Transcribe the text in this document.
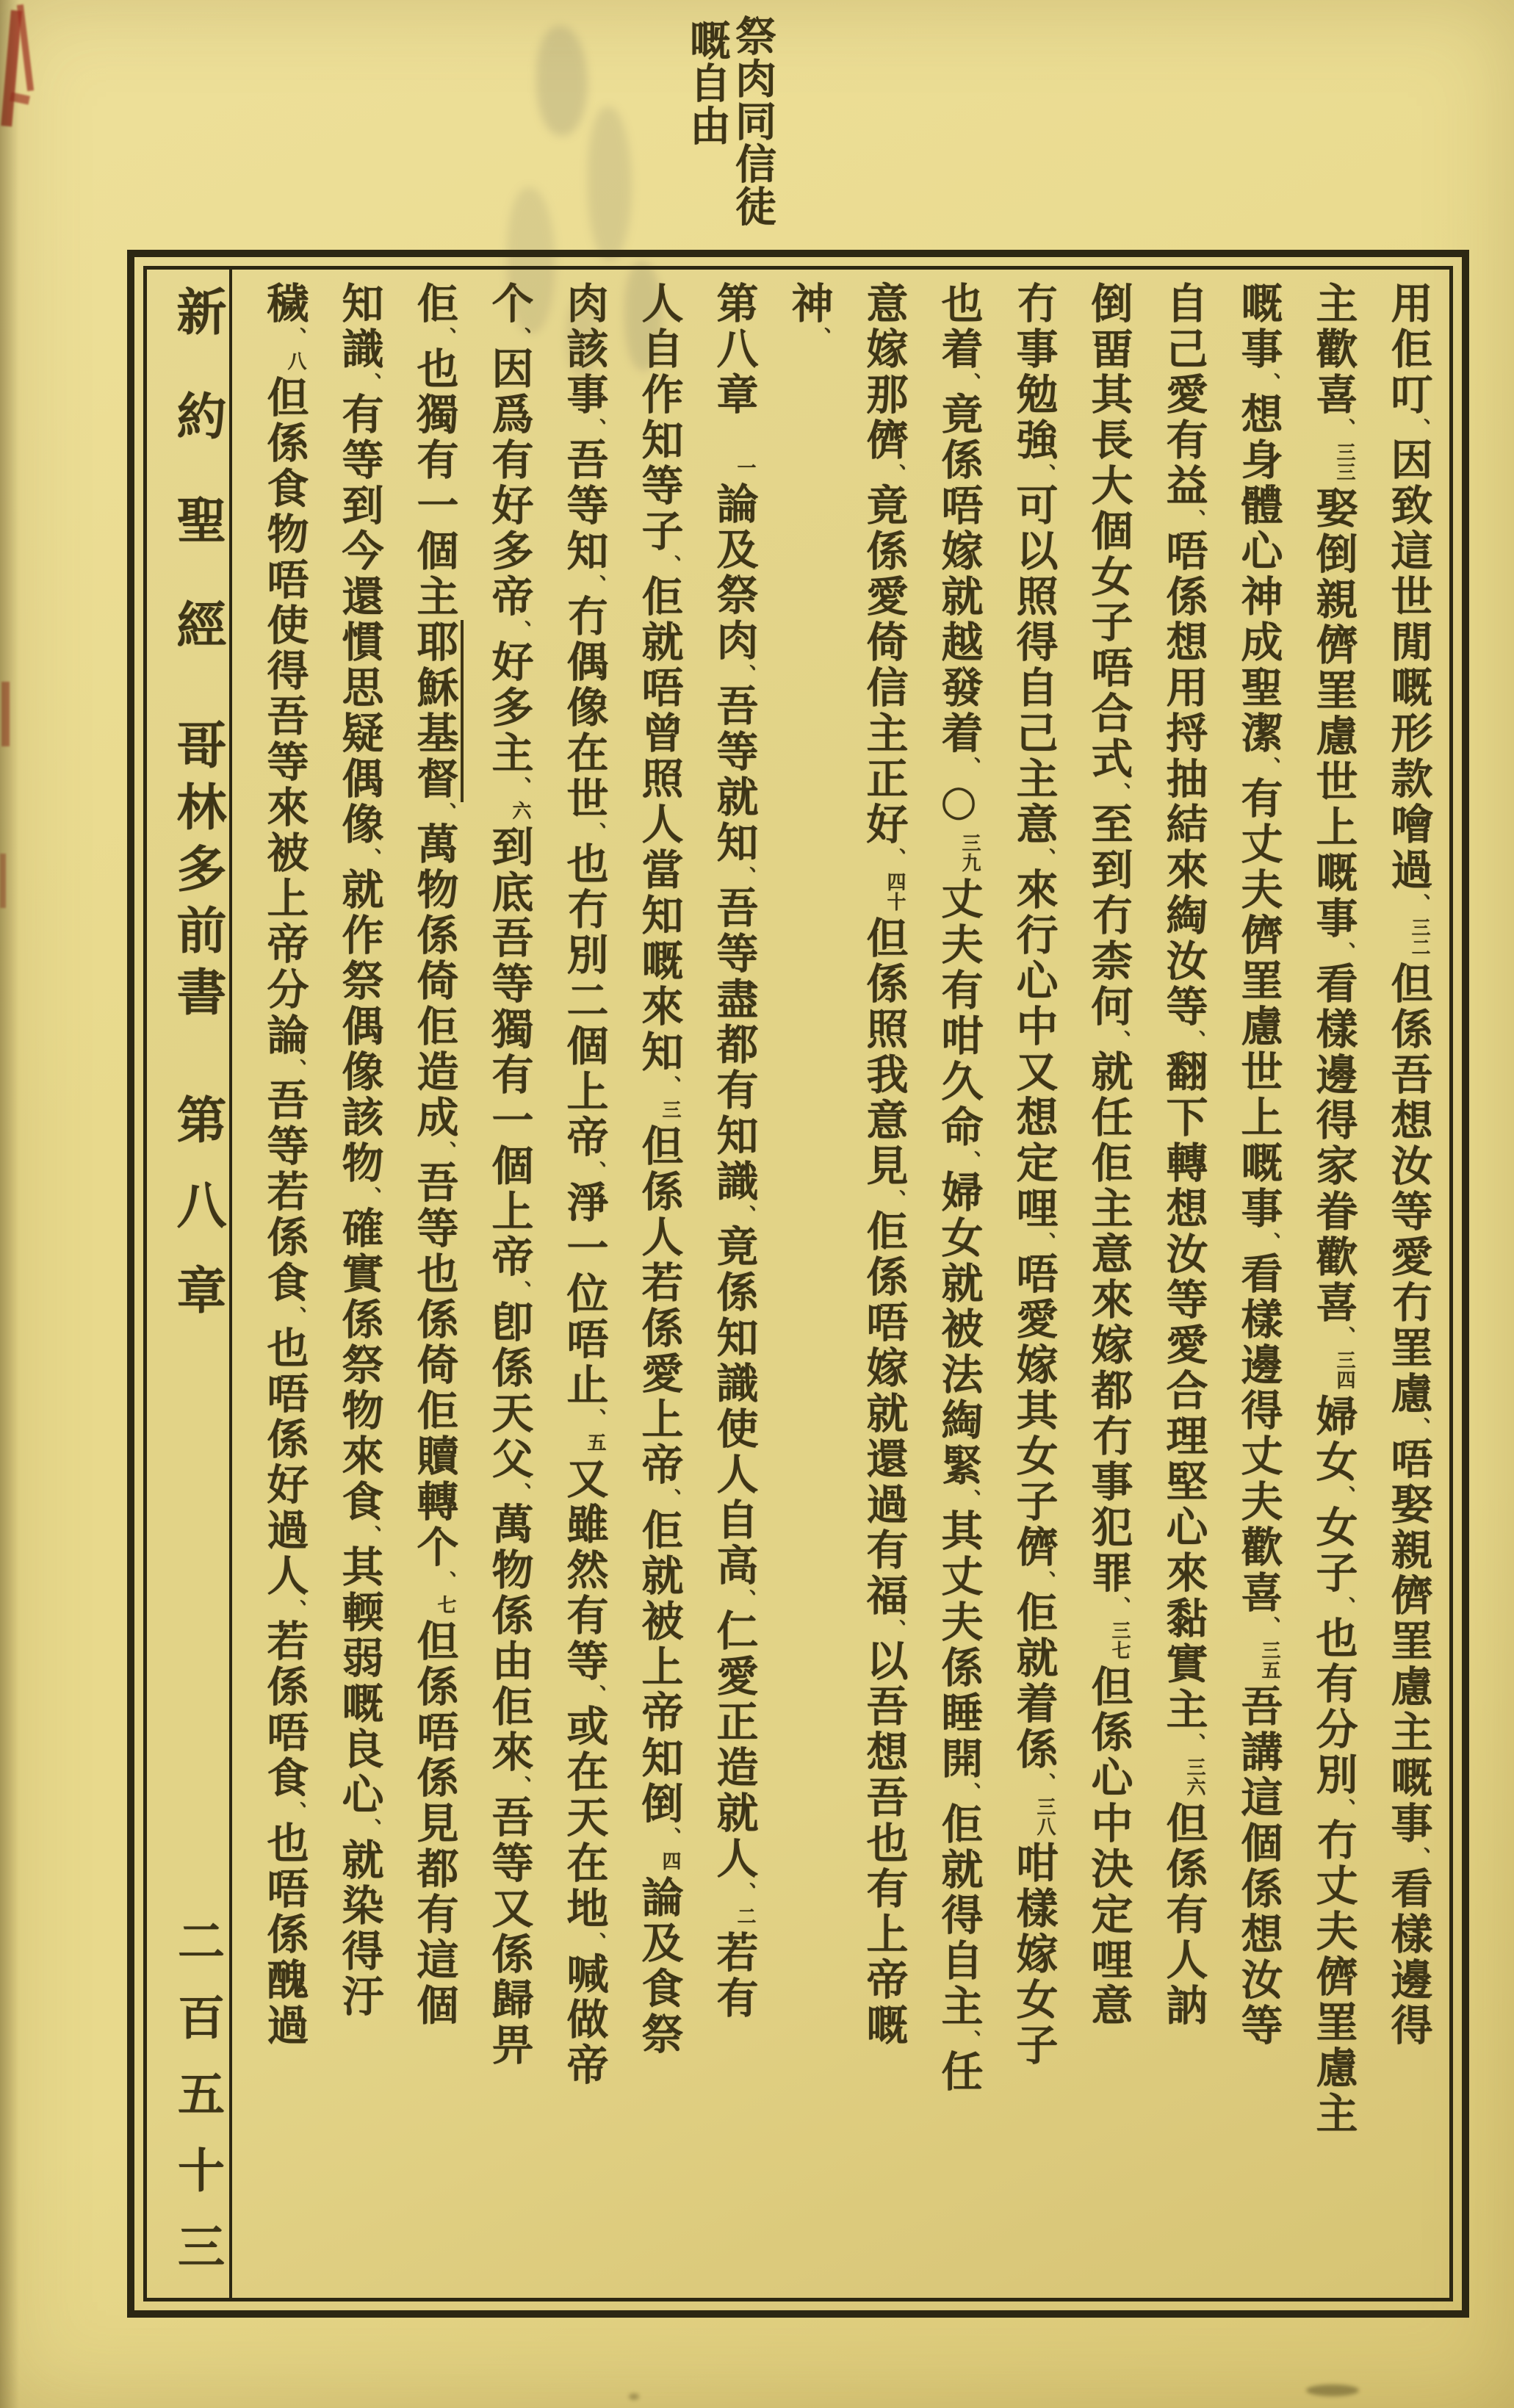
祭肉同信徒
嘅自由
用佢叮、因致這世閒嘅形款噲過、三二但係吾想汝等愛冇罣慮、唔娶親儕罣慮主嘅事、看樣邊得
主歡喜、三三娶倒親儕罣慮世上嘅事、看樣邊得家眷歡喜、三四婦女、女子、也有分別、冇丈夫儕罣慮主
嘅事、想身體心神成聖潔、有丈夫儕罣慮世上嘅事、看樣邊得丈夫歡喜、三五吾講這個係想汝等
自己愛有益、唔係想用捋抽結來綯汝等、翻下轉想汝等愛合理堅心來黏實主、三六但係有人訥
倒畱其長大個女子唔合式、至到冇柰何、就任佢主意來嫁都冇事犯罪、三七但係心中決定哩意
冇事勉強、可以照得自己主意、來行心中又想定哩、唔愛嫁其女子儕、佢就着係、三八咁樣嫁女子
也着、竟係唔嫁就越發着、○三九丈夫有咁久命、婦女就被法綯緊、其丈夫係睡開、佢就得自主、任
意嫁那儕、竟係愛倚信主正好、四十但係照我意見、佢係唔嫁就還過有福、以吾想吾也有上帝嘅
神、
第八章一論及祭肉、吾等就知、吾等盡都有知識、竟係知識使人自高、仁愛正造就人、二若有
人自作知等子、佢就唔曾照人當知嘅來知、三但係人若係愛上帝、佢就被上帝知倒、四論及食祭
肉該事、吾等知、冇偶像在世、也冇別二個上帝、淨一位唔止、五又雖然有等、或在天在地、喊做帝
个、因爲有好多帝、好多主、六到底吾等獨有一個上帝、卽係天父、萬物係由佢來、吾等又係歸畀
佢、也獨有一個主耶穌基督、萬物係倚佢造成、吾等也係倚佢贖轉个、七但係唔係見都有這個
知識、有等到今還慣思疑偶像、就作祭偶像該物、確實係祭物來食、其輭弱嘅良心、就染得汙
穢、八但係食物唔使得吾等來被上帝分論、吾等若係食、也唔係好過人、若係唔食、也唔係醜過
新約聖經
哥林多前書
第八章
二百五十三
